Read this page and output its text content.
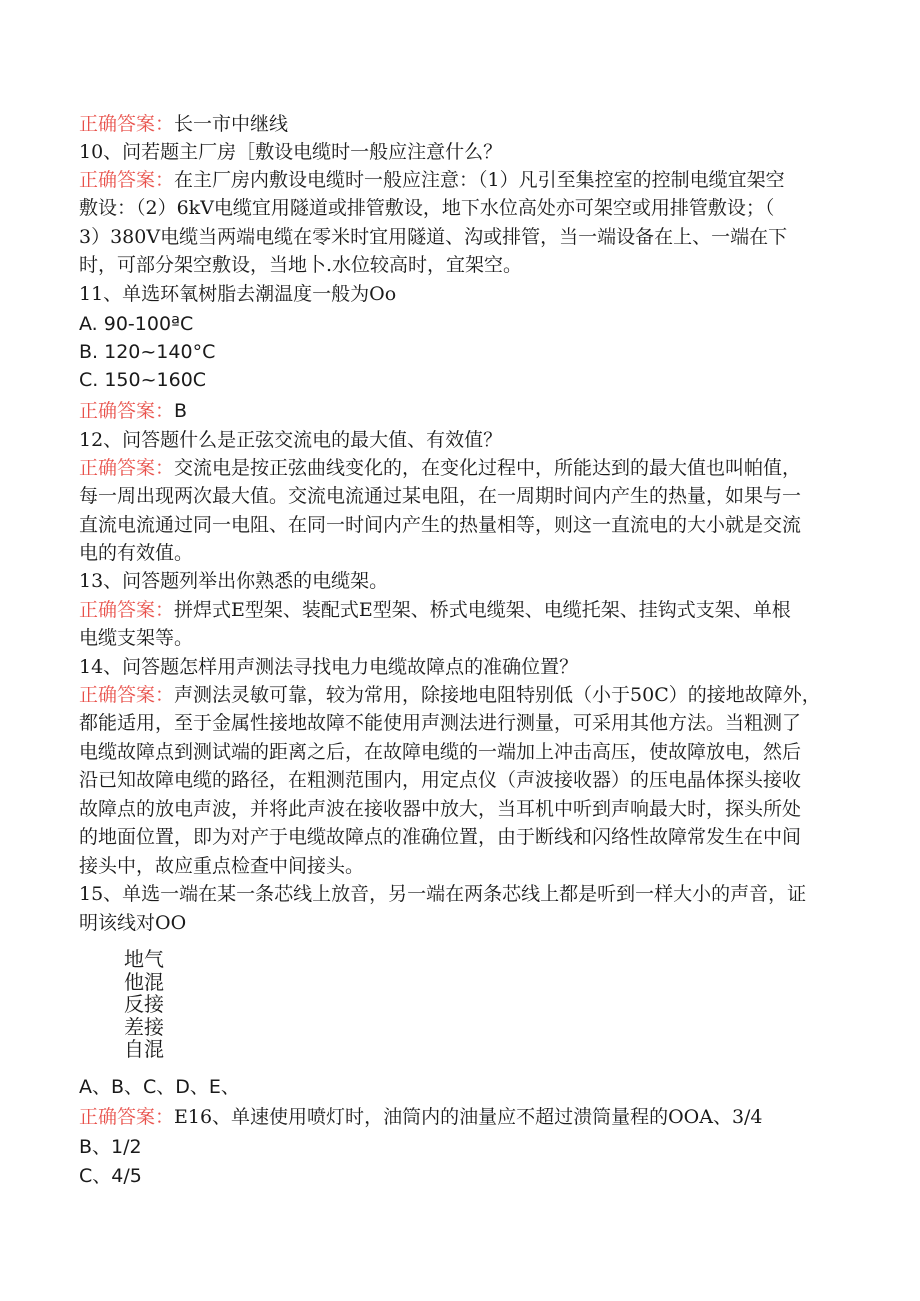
正确答案：长一市中继线
10、问若题主厂房［敷设电缆时一般应注意什么？
正确答案：在主厂房内敷设电缆时一般应注意：（1）凡引至集控室的控制电缆宜架空
敷设：（2）6kV电缆宜用隧道或排管敷设，地下水位高处亦可架空或用排管敷设；（
3）380V电缆当两端电缆在零米时宜用隧道、沟或排管，当一端设备在上、一端在下
时，可部分架空敷设，当地卜.水位较高时，宜架空。
11、单选环氧树脂去潮温度一般为Oo
A. 90-100ªC
B. 120~140°C
C. 150~160C
正确答案：B
12、问答题什么是正弦交流电的最大值、有效值？
正确答案：交流电是按正弦曲线变化的，在变化过程中，所能达到的最大值也叫帕值，
每一周出现两次最大值。交流电流通过某电阻，在一周期时间内产生的热量，如果与一
直流电流通过同一电阻、在同一时间内产生的热量相等，则这一直流电的大小就是交流
电的有效值。
13、问答题列举出你熟悉的电缆架。
正确答案：拼焊式E型架、装配式E型架、桥式电缆架、电缆托架、挂钩式支架、单根
电缆支架等。
14、问答题怎样用声测法寻找电力电缆故障点的准确位置？
正确答案：声测法灵敏可靠，较为常用，除接地电阻特别低（小于50C）的接地故障外，
都能适用，至于金属性接地故障不能使用声测法进行测量，可采用其他方法。当粗测了
电缆故障点到测试端的距离之后，在故障电缆的一端加上冲击高压，使故障放电，然后
沿已知故障电缆的路径，在粗测范围内，用定点仪（声波接收器）的压电晶体探头接收
故障点的放电声波，并将此声波在接收器中放大，当耳机中听到声响最大时，探头所处
的地面位置，即为对产于电缆故障点的准确位置，由于断线和闪络性故障常发生在中间
接头中，故应重点检查中间接头。
15、单选一端在某一条芯线上放音，另一端在两条芯线上都是听到一样大小的声音，证
明该线对OO
地气
他混
反接
差接
自混
A、B、C、D、E、
正确答案：E16、单速使用喷灯时，油筒内的油量应不超过溃筒量程的OOA、3/4
B、1/2
C、4/5
